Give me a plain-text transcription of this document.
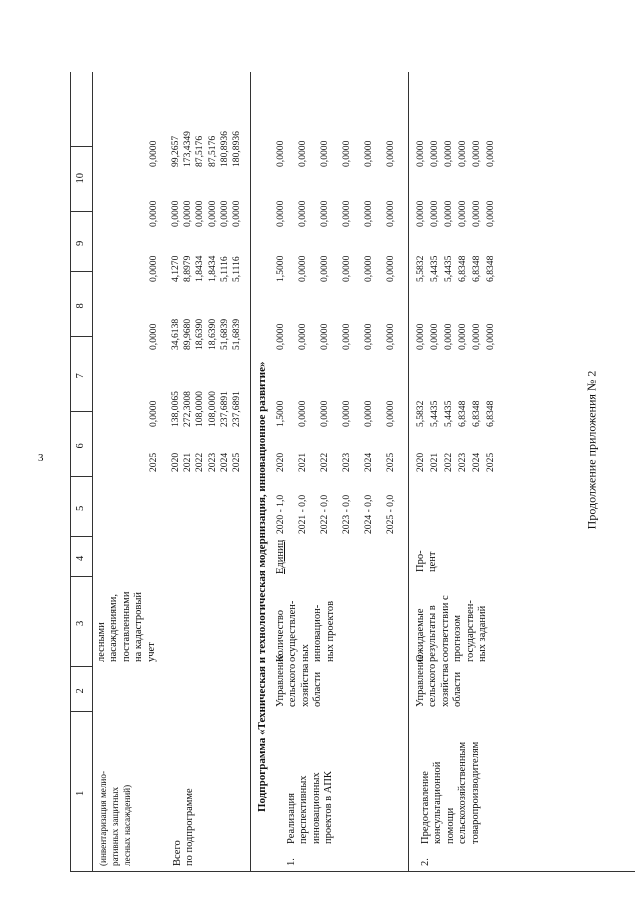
3	Продолжение приложения № 2
1
2
3
4
5
6
7
8
9
10
(инвентаризация мелио- ративных защитных лесных насаждений)
лесными насаждениями, поставленными на кадастровый учет
2025
0,0000
0,0000
0,0000
0,0000
0,0000
Всего по подпрограмме
2020
138,0065
34,6138
4,1270
0,0000
99,2657
2021
272,3008
89,9680
8,8979
0,0000
173,4349
2022
108,0000
18,6390
1,8434
0,0000
87,5176
2023
108,0000
18,6390
1,8434
0,0000
87,5176
2024
237,6891
51,6839
5,1116
0,0000
180,8936
2025
237,6891
51,6839
5,1116
0,0000
180,8936
Подпрограмма «Техническая и технологическая модернизация, инновационное развитие»
1.
Реализация перспективных инновационных проектов в АПК
Управление сельского хозяйства области
Количество осуществлен- ных инновацион- ных проектов
Единиц
2020 - 1,0 2021 - 0,0 2022 - 0,0 2023 - 0,0 2024 - 0,0 2025 - 0,0
2020
1,5000
0,0000
1,5000
0,0000
0,0000
2021
0,0000
0,0000
0,0000
0,0000
0,0000
2022
0,0000
0,0000
0,0000
0,0000
0,0000
2023
0,0000
0,0000
0,0000
0,0000
0,0000
2024
0,0000
0,0000
0,0000
0,0000
0,0000
2025
0,0000
0,0000
0,0000
0,0000
0,0000
2.
Предоставление консультационной помощи сельскохозяйственным товаропроизводителям
Управление сельского хозяйства области
Ожидаемые результаты в соответствии с прогнозом государствен- ных заданий
Про- цент
2020
5,5832
0,0000
5,5832
0,0000
0,0000
2021
5,4435
0,0000
5,4435
0,0000
0,0000
2022
5,4435
0,0000
5,4435
0,0000
0,0000
2023
6,8348
0,0000
6,8348
0,0000
0,0000
2024
6,8348
0,0000
6,8348
0,0000
0,0000
2025
6,8348
0,0000
6,8348
0,0000
0,0000
